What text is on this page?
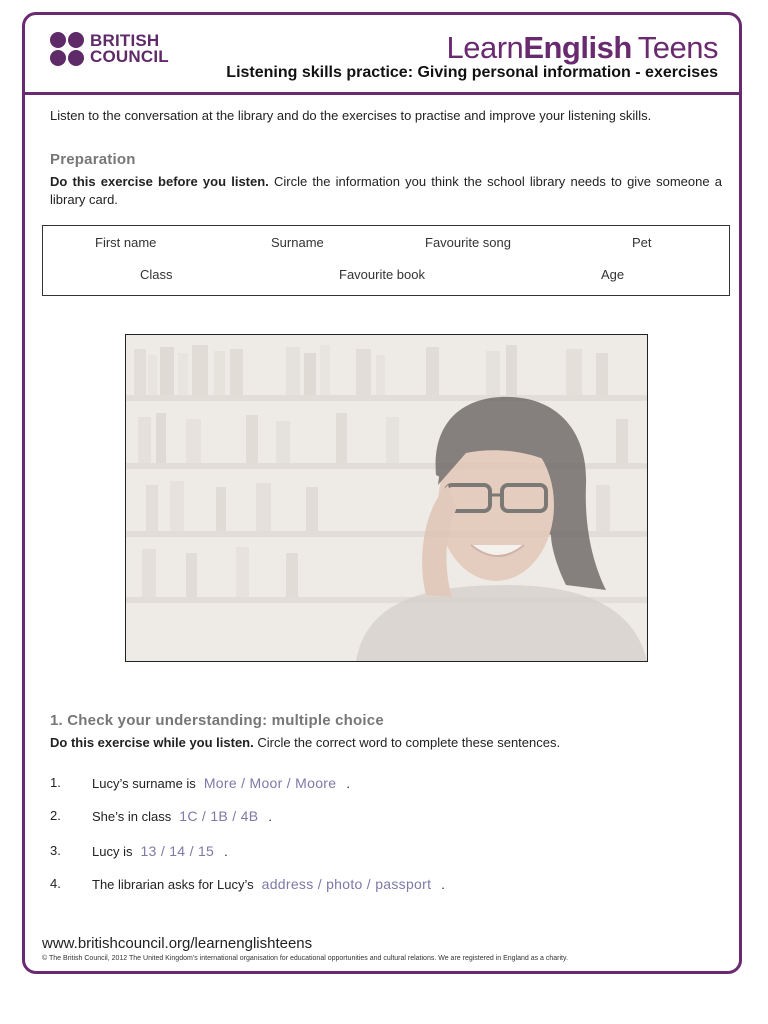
BRITISH
COUNCIL	LearnEnglish Teens
Listening skills practice: Giving personal information - exercises
Listen to the conversation at the library and do the exercises to practise and improve your listening skills.
Preparation
Do this exercise before you listen. Circle the information you think the school library needs to give someone a library card.
First name	Surname	Favourite song	Pet
Class	Favourite book	Age
1. Check your understanding: multiple choice
Do this exercise while you listen. Circle the correct word to complete these sentences.
1.	Lucy’s surname is More / Moor / Moore .
2.	She’s in class 1C / 1B / 4B .
3.	Lucy is 13 / 14 / 15 .
4.	The librarian asks for Lucy’s address / photo / passport .
www.britishcouncil.org/learnenglishteens
© The British Council, 2012 The United Kingdom’s international organisation for educational opportunities and cultural relations. We are registered in England as a charity.
